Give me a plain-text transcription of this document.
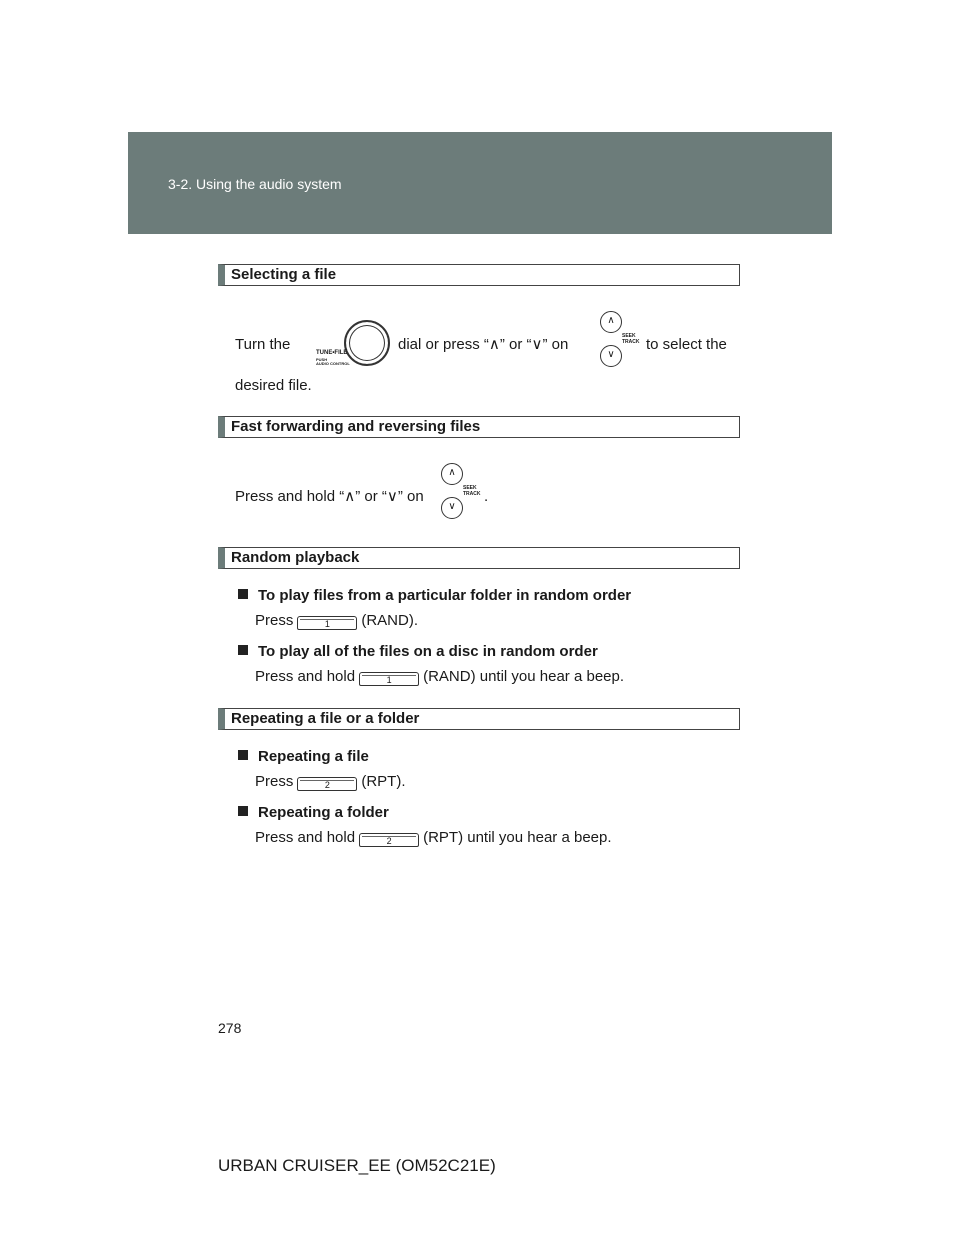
3-2. Using the audio system
Selecting a file
Turn the	TUNE•FILE
PUSH
AUDIO CONTROL
dial or press “∧” or “∨” on
∧
∨
SEEK
TRACK to select the
desired file.
Fast forwarding and reversing files
Press and hold “∧” or “∨” on
∧
∨
SEEK
TRACK .
Random playback
To play files from a particular folder in random order
Press	1 (RAND).
To play all of the files on a disc in random order
Press and hold	1 (RAND) until you hear a beep.
Repeating a file or a folder
Repeating a file
Press	2 (RPT).
Repeating a folder
Press and hold	2 (RPT) until you hear a beep.
278
URBAN CRUISER_EE (OM52C21E)
